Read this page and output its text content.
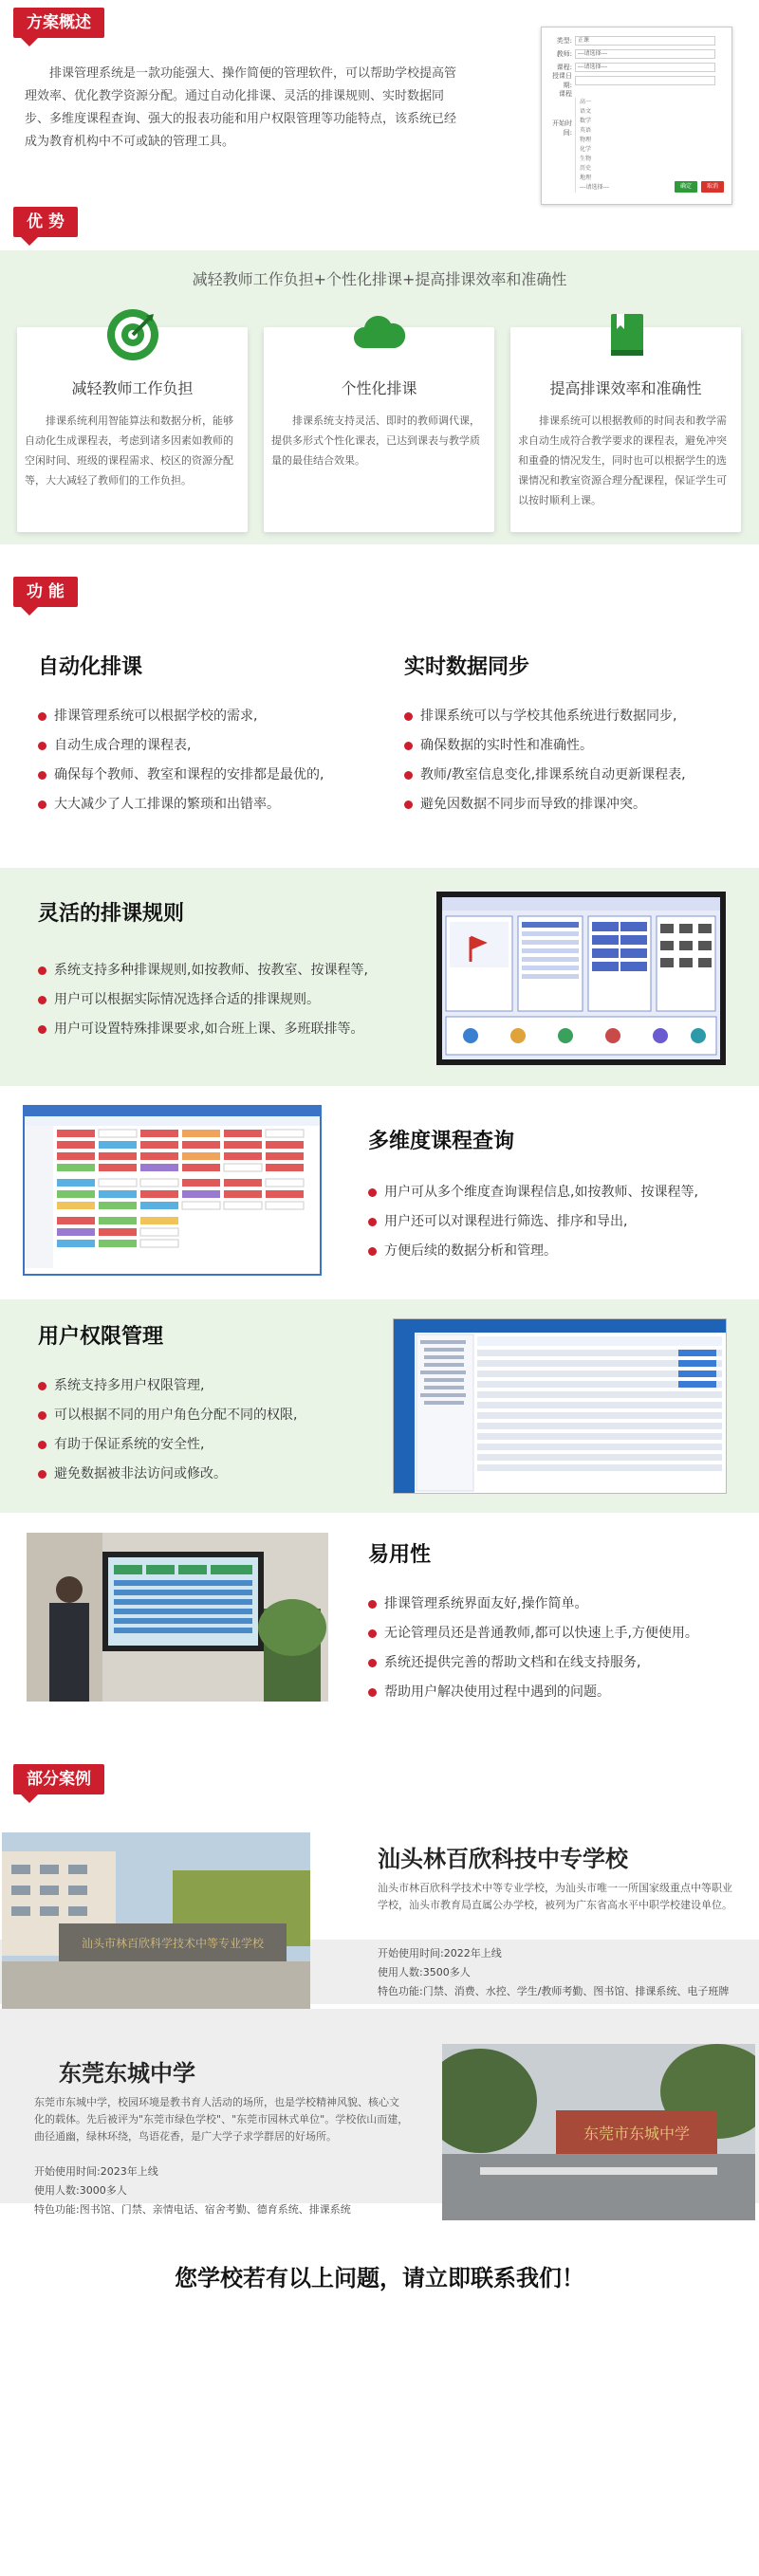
方案概述

排课管理系统是一款功能强大、操作简便的管理软件，可以帮助学校提高管理效率、优化教学资源分配。通过自动化排课、灵活的排课规则、实时数据同步、多维度课程查询、强大的报表功能和用户权限管理等功能特点，该系统已经成为教育机构中不可或缺的管理工具。

类型:	正课
教师:	---请选择---
课程:	---请选择---
授课日期:
课程
高一
语文
数学
英语
物理
化学
生物
历史
地理
---请选择---
开始时间:
确定	取消
优 势
减轻教师工作负担+个性化排课+提高排课效率和准确性
减轻教师工作负担
排课系统利用智能算法和数据分析，能够自动化生成课程表，考虑到诸多因素如教师的空闲时间、班级的课程需求、校区的资源分配等，大大减轻了教师们的工作负担。
个性化排课
排课系统支持灵活、即时的教师调代课，提供多形式个性化课表，已达到课表与教学质量的最佳结合效果。
提高排课效率和准确性
排课系统可以根据教师的时间表和教学需求自动生成符合教学要求的课程表，避免冲突和重叠的情况发生，同时也可以根据学生的选课情况和教室资源合理分配课程，保证学生可以按时顺利上课。
功 能
自动化排课
排课管理系统可以根据学校的需求,
自动生成合理的课程表,
确保每个教师、教室和课程的安排都是最优的,
大大减少了人工排课的繁琐和出错率。
实时数据同步
排课系统可以与学校其他系统进行数据同步,
确保数据的实时性和准确性。
教师/教室信息变化,排课系统自动更新课程表,
避免因数据不同步而导致的排课冲突。
灵活的排课规则
系统支持多种排课规则,如按教师、按教室、按课程等,
用户可以根据实际情况选择合适的排课规则。
用户可设置特殊排课要求,如合班上课、多班联排等。
多维度课程查询
用户可从多个维度查询课程信息,如按教师、按课程等,
用户还可以对课程进行筛选、排序和导出,
方便后续的数据分析和管理。
用户权限管理
系统支持多用户权限管理,
可以根据不同的用户角色分配不同的权限,
有助于保证系统的安全性,
避免数据被非法访问或修改。
易用性
排课管理系统界面友好,操作简单。
无论管理员还是普通教师,都可以快速上手,方便使用。
系统还提供完善的帮助文档和在线支持服务,
帮助用户解决使用过程中遇到的问题。
部分案例
汕头市林百欣科学技术中等专业学校
汕头林百欣科技中专学校
汕头市林百欣科学技术中等专业学校，为汕头市唯一一所国家级重点中等职业学校，汕头市教育局直属公办学校，被列为广东省高水平中职学校建设单位。
开始使用时间:2022年上线
使用人数:3500多人
特色功能:门禁、消费、水控、学生/教师考勤、图书馆、排课系统、电子班牌
东莞东城中学
东莞市东城中学，校园环境是教书育人活动的场所，也是学校精神风貌、核心文化的载体。先后被评为"东莞市绿色学校"、"东莞市园林式单位"。学校依山而建，曲径通幽，绿林环绕，鸟语花香，是广大学子求学群居的好场所。
开始使用时间:2023年上线
使用人数:3000多人
特色功能:图书馆、门禁、亲情电话、宿舍考勤、德育系统、排课系统
东莞市东城中学
您学校若有以上问题，请立即联系我们！
